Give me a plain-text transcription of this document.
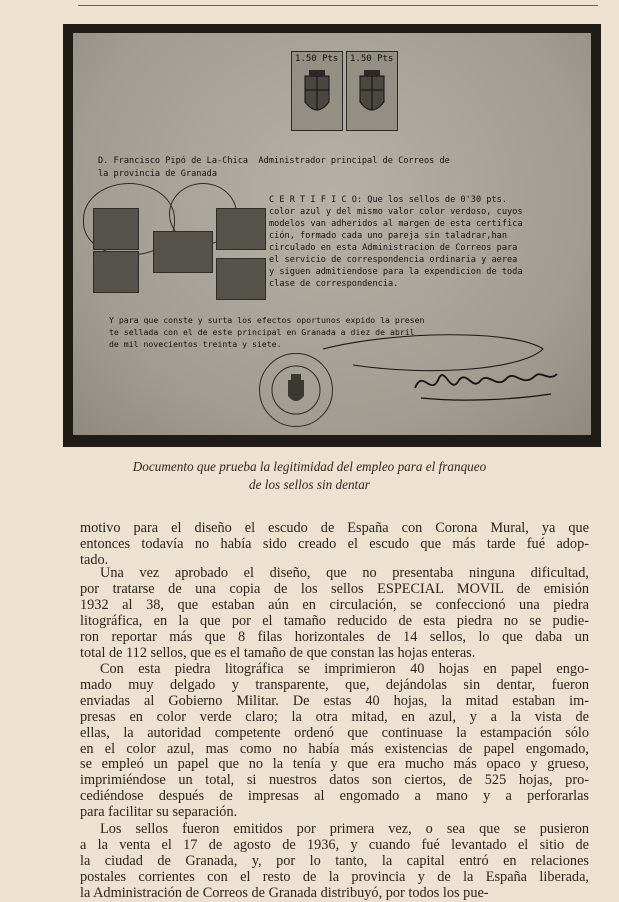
1.50 Pts 1.50 Pts
D. Francisco Pipó de La-Chica  Administrador principal de Correos de
la provincia de Granada
C E R T I F I C O: Que los sellos de 0'30 pts.
color azul y del mismo valor color verdoso, cuyos
modelos van adheridos al margen de esta certifica
ción, formado cada uno pareja sin taladrar,han
circulado en esta Administracion de Correos para
el servicio de correspondencia ordinaria y aerea
y siguen admitiendose para la expendicion de toda
clase de correspondencia.
Y para que conste y surta los efectos oportunos expido la presen
te sellada con el de este principal en Granada a diez de abril
de mil novecientos treinta y siete.
Documento que prueba la legitimidad del empleo para el franqueo
de los sellos sin dentar
motivo para el diseño el escudo de España con Corona Mural, ya que
entonces todavía no había sido creado el escudo que más tarde fué adop-
tado.
Una vez aprobado el diseño, que no presentaba ninguna dificultad,
por tratarse de una copia de los sellos ESPECIAL MOVIL de emisión
1932 al 38, que estaban aún en circulación, se confeccionó una piedra
litográfica, en la que por el tamaño reducido de esta piedra no se pudie-
ron reportar más que 8 filas horizontales de 14 sellos, lo que daba un
total de 112 sellos, que es el tamaño de que constan las hojas enteras.
Con esta piedra litográfica se imprimieron 40 hojas en papel engo-
mado muy delgado y transparente, que, dejándolas sin dentar, fueron
enviadas al Gobierno Militar. De estas 40 hojas, la mitad estaban im-
presas en color verde claro; la otra mitad, en azul, y a la vista de
ellas, la autoridad competente ordenó que continuase la estampación sólo
en el color azul, mas como no había más existencias de papel engomado,
se empleó un papel que no la tenía y que era mucho más opaco y grueso,
imprimiéndose un total, si nuestros datos son ciertos, de 525 hojas, pro-
cediéndose después de impresas al engomado a mano y a perforarlas
para facilitar su separación.
Los sellos fueron emitidos por primera vez, o sea que se pusieron
a la venta el 17 de agosto de 1936, y cuando fué levantado el sitio de
la ciudad de Granada, y, por lo tanto, la capital entró en relaciones
postales corrientes con el resto de la provincia y de la España liberada,
la Administración de Correos de Granada distribuyó, por todos los pue-
